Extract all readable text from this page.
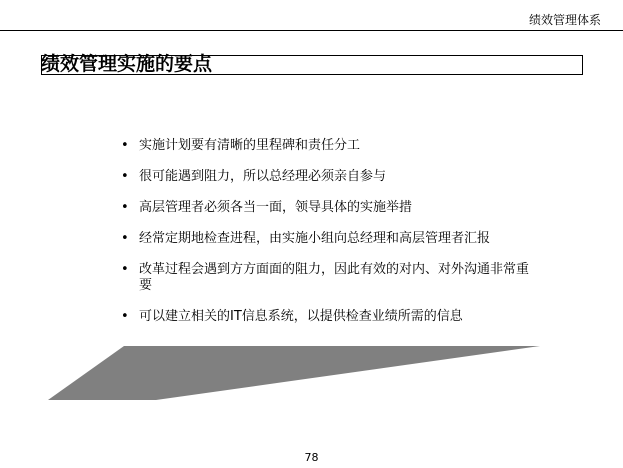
绩效管理体系
绩效管理实施的要点
• 实施计划要有清晰的里程碑和责任分工
• 很可能遇到阻力，所以总经理必须亲自参与
• 高层管理者必须各当一面，领导具体的实施举措
• 经常定期地检查进程，由实施小组向总经理和高层管理者汇报
• 改革过程会遇到方方面面的阻力，因此有效的对内、对外沟通非常重要
• 可以建立相关的IT信息系统，以提供检查业绩所需的信息
78
